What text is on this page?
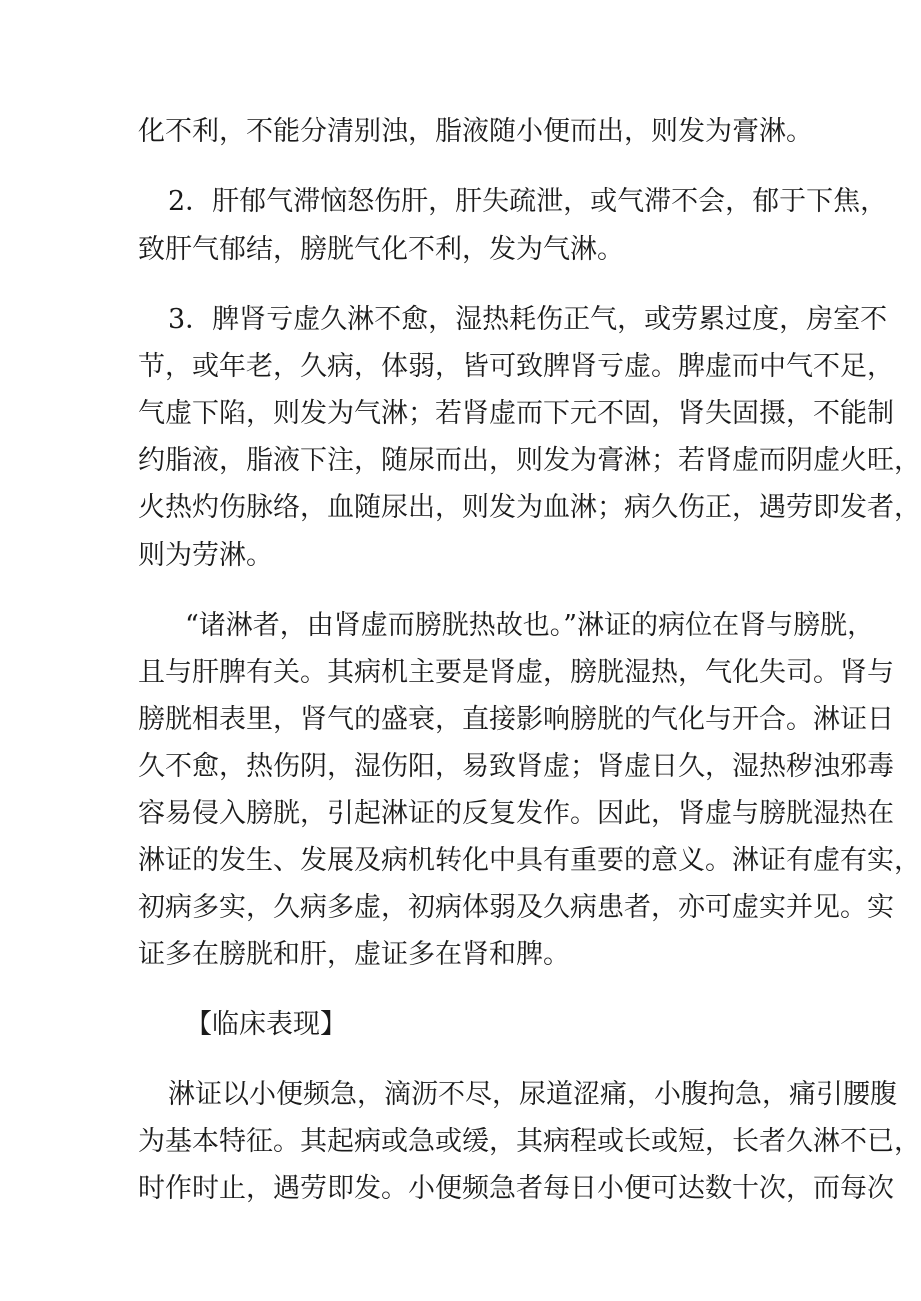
化不利，不能分清别浊，脂液随小便而出，则发为膏淋。
2．肝郁气滞恼怒伤肝，肝失疏泄，或气滞不会，郁于下焦，
致肝气郁结，膀胱气化不利，发为气淋。
3．脾肾亏虚久淋不愈，湿热耗伤正气，或劳累过度，房室不
节，或年老，久病，体弱，皆可致脾肾亏虚。脾虚而中气不足，
气虚下陷，则发为气淋；若肾虚而下元不固，肾失固摄，不能制
约脂液，脂液下注，随尿而出，则发为膏淋；若肾虚而阴虚火旺，
火热灼伤脉络，血随尿出，则发为血淋；病久伤正，遇劳即发者，
则为劳淋。
“诸淋者，由肾虚而膀胱热故也。”淋证的病位在肾与膀胱，
且与肝脾有关。其病机主要是肾虚，膀胱湿热，气化失司。肾与
膀胱相表里，肾气的盛衰，直接影响膀胱的气化与开合。淋证日
久不愈，热伤阴，湿伤阳，易致肾虚；肾虚日久，湿热秽浊邪毒
容易侵入膀胱，引起淋证的反复发作。因此，肾虚与膀胱湿热在
淋证的发生、发展及病机转化中具有重要的意义。淋证有虚有实，
初病多实，久病多虚，初病体弱及久病患者，亦可虚实并见。实
证多在膀胱和肝，虚证多在肾和脾。
【临床表现】
淋证以小便频急，滴沥不尽，尿道涩痛，小腹拘急，痛引腰腹
为基本特征。其起病或急或缓，其病程或长或短，长者久淋不已，
时作时止，遇劳即发。小便频急者每日小便可达数十次，而每次
